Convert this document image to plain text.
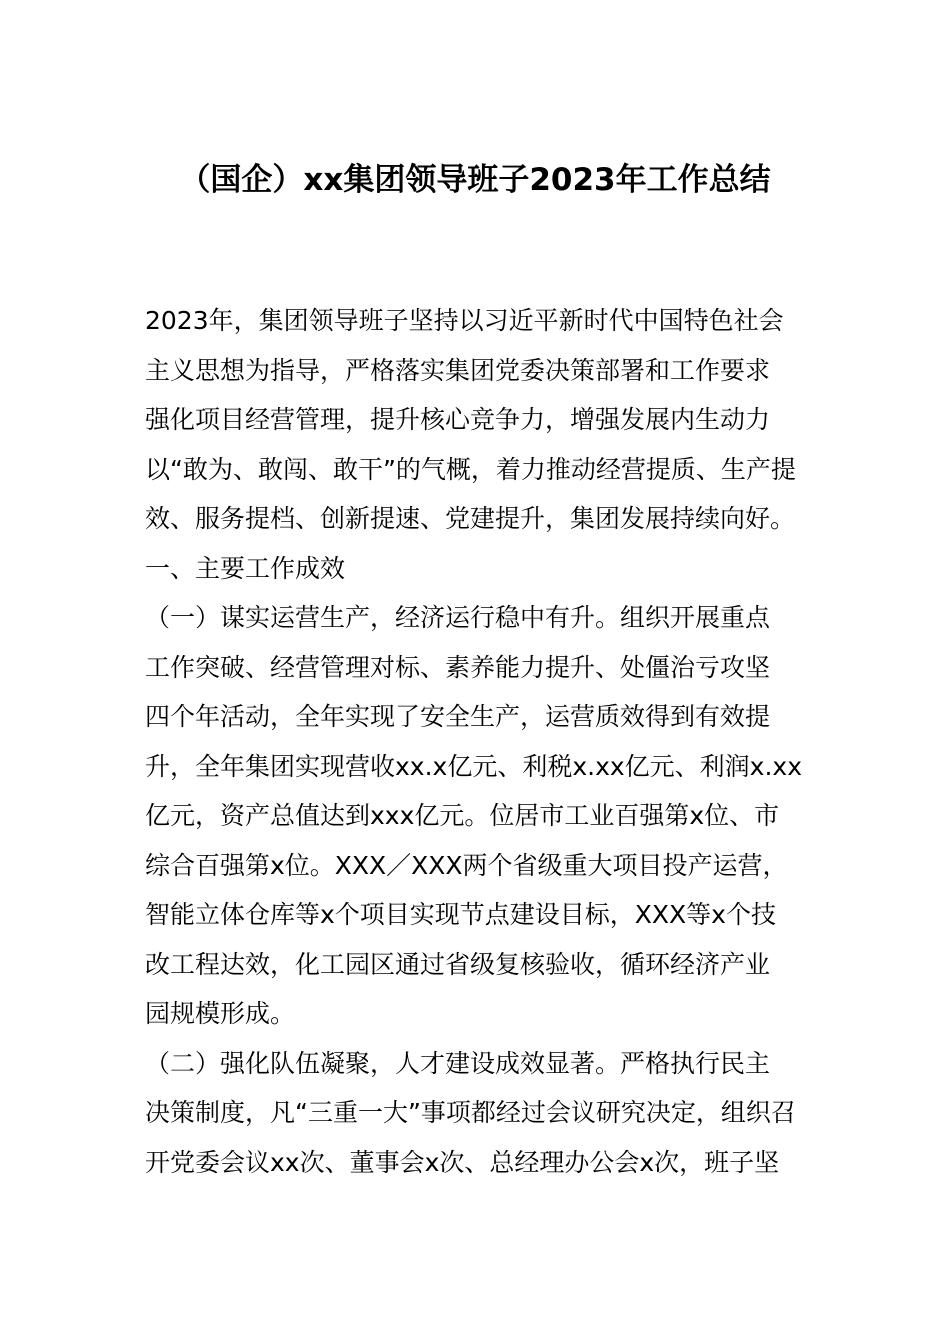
（国企）xx集团领导班子2023年工作总结
2023年，集团领导班子坚持以习近平新时代中国特色社会
主义思想为指导，严格落实集团党委决策部署和工作要求
强化项目经营管理，提升核心竞争力，增强发展内生动力
以“敢为、敢闯、敢干”的气概，着力推动经营提质、生产提
效、服务提档、创新提速、党建提升，集团发展持续向好。
一、主要工作成效
（一）谋实运营生产，经济运行稳中有升。组织开展重点
工作突破、经营管理对标、素养能力提升、处僵治亏攻坚
四个年活动，全年实现了安全生产，运营质效得到有效提
升，全年集团实现营收xx.x亿元、利税x.xx亿元、利润x.xx
亿元，资产总值达到xxx亿元。位居市工业百强第x位、市
综合百强第x位。XXX／XXX两个省级重大项目投产运营，
智能立体仓库等x个项目实现节点建设目标，XXX等x个技
改工程达效，化工园区通过省级复核验收，循环经济产业
园规模形成。
（二）强化队伍凝聚，人才建设成效显著。严格执行民主
决策制度，凡“三重一大”事项都经过会议研究决定，组织召
开党委会议xx次、董事会x次、总经理办公会x次，班子坚
